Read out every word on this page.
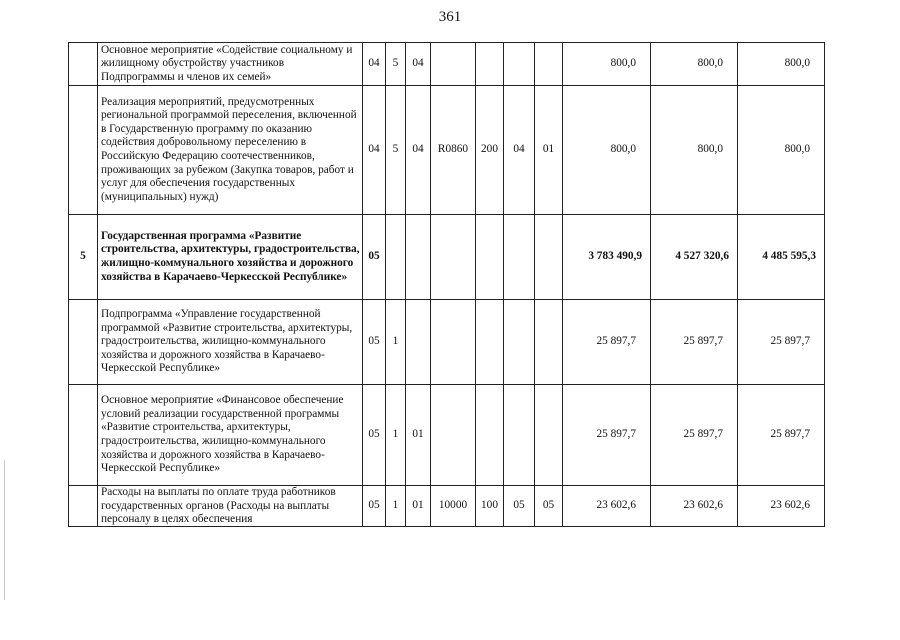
361
	Основное мероприятие «Содействие социальному и жилищному обустройству участников Подпрограммы и членов их семей»	04	5	04					800,0	800,0	800,0
	Реализация мероприятий, предусмотренных региональной программой переселения, включенной в Государственную программу по оказанию содействия добровольному переселению в Российскую Федерацию соотечественников, проживающих за рубежом (Закупка товаров, работ и услуг для обеспечения государственных (муниципальных) нужд)	04	5	04	R0860	200	04	01	800,0	800,0	800,0
5	Государственная программа «Развитие строительства, архитектуры, градостроительства, жилищно-коммунального хозяйства и дорожного хозяйства в Карачаево-Черкесской Республике»	05							3 783 490,9	4 527 320,6	4 485 595,3
	Подпрограмма «Управление государственной программой «Развитие строительства, архитектуры, градостроительства, жилищно-коммунального хозяйства и дорожного хозяйства в Карачаево-Черкесской Республике»	05	1						25 897,7	25 897,7	25 897,7
	Основное мероприятие «Финансовое обеспечение условий реализации государственной программы «Развитие строительства, архитектуры, градостроительства, жилищно-коммунального хозяйства и дорожного хозяйства в Карачаево-Черкесской Республике»	05	1	01					25 897,7	25 897,7	25 897,7

	Расходы на выплаты по оплате труда работников государственных органов (Расходы на выплаты персоналу в целях обеспечения	05	1	01	10000	100	05	05	23 602,6	23 602,6	23 602,6
